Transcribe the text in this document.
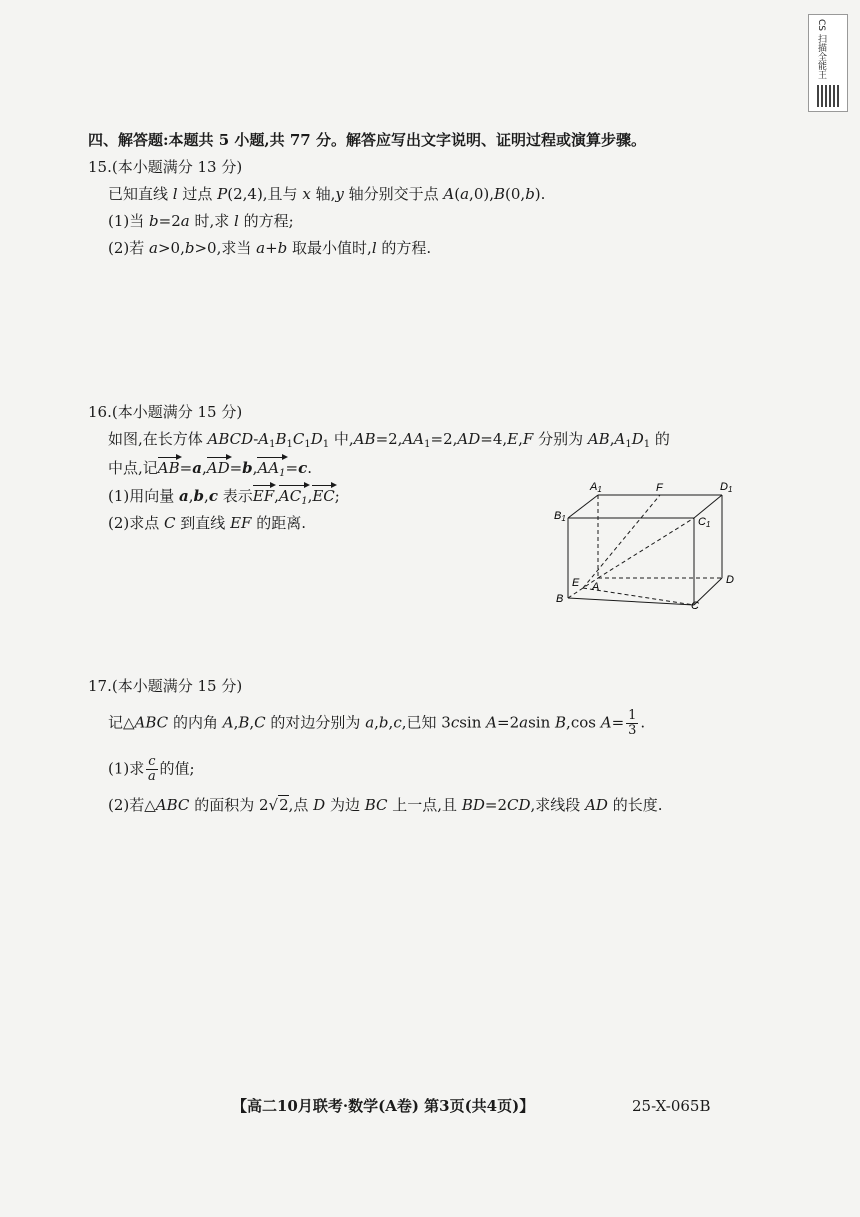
CS 扫描全能王
四、解答题:本题共 5 小题,共 77 分。解答应写出文字说明、证明过程或演算步骤。
15.(本小题满分 13 分)
已知直线 l 过点 P(2,4),且与 x 轴,y 轴分别交于点 A(a,0),B(0,b).
(1)当 b=2a 时,求 l 的方程;
(2)若 a>0,b>0,求当 a+b 取最小值时,l 的方程.
16.(本小题满分 15 分)
如图,在长方体 ABCD-$A_1B_1C_1D_1$ 中$,AB=2,AA_1=2,AD=4,E,F$ 分别为 $AB,A_1D_1$ 的
中点,记$AB=a,AD=b,AA_1=c$.
(1)用向量 a,b,c 表示$EF,AC_1,EC$;
(2)求点 C 到直线 EF 的距离.
A1	F	D1
B1	C1
E A
D
B
C
17.(本小题满分 15 分)
记△ABC 的内角 A,B,C 的对边分别为 a,b,c,已知 3csin A=2asin B,cos $A= \frac{1}{3}$ .
(1)求 $\frac{c}{a}$ 的值;
(2)若△ABC 的面积为 2√2,点 D 为边 BC 上一点,且 BD=2CD,求线段 AD 的长度.
【高二10月联考·数学(A卷) 第3页(共4页)】	25-X-065B
